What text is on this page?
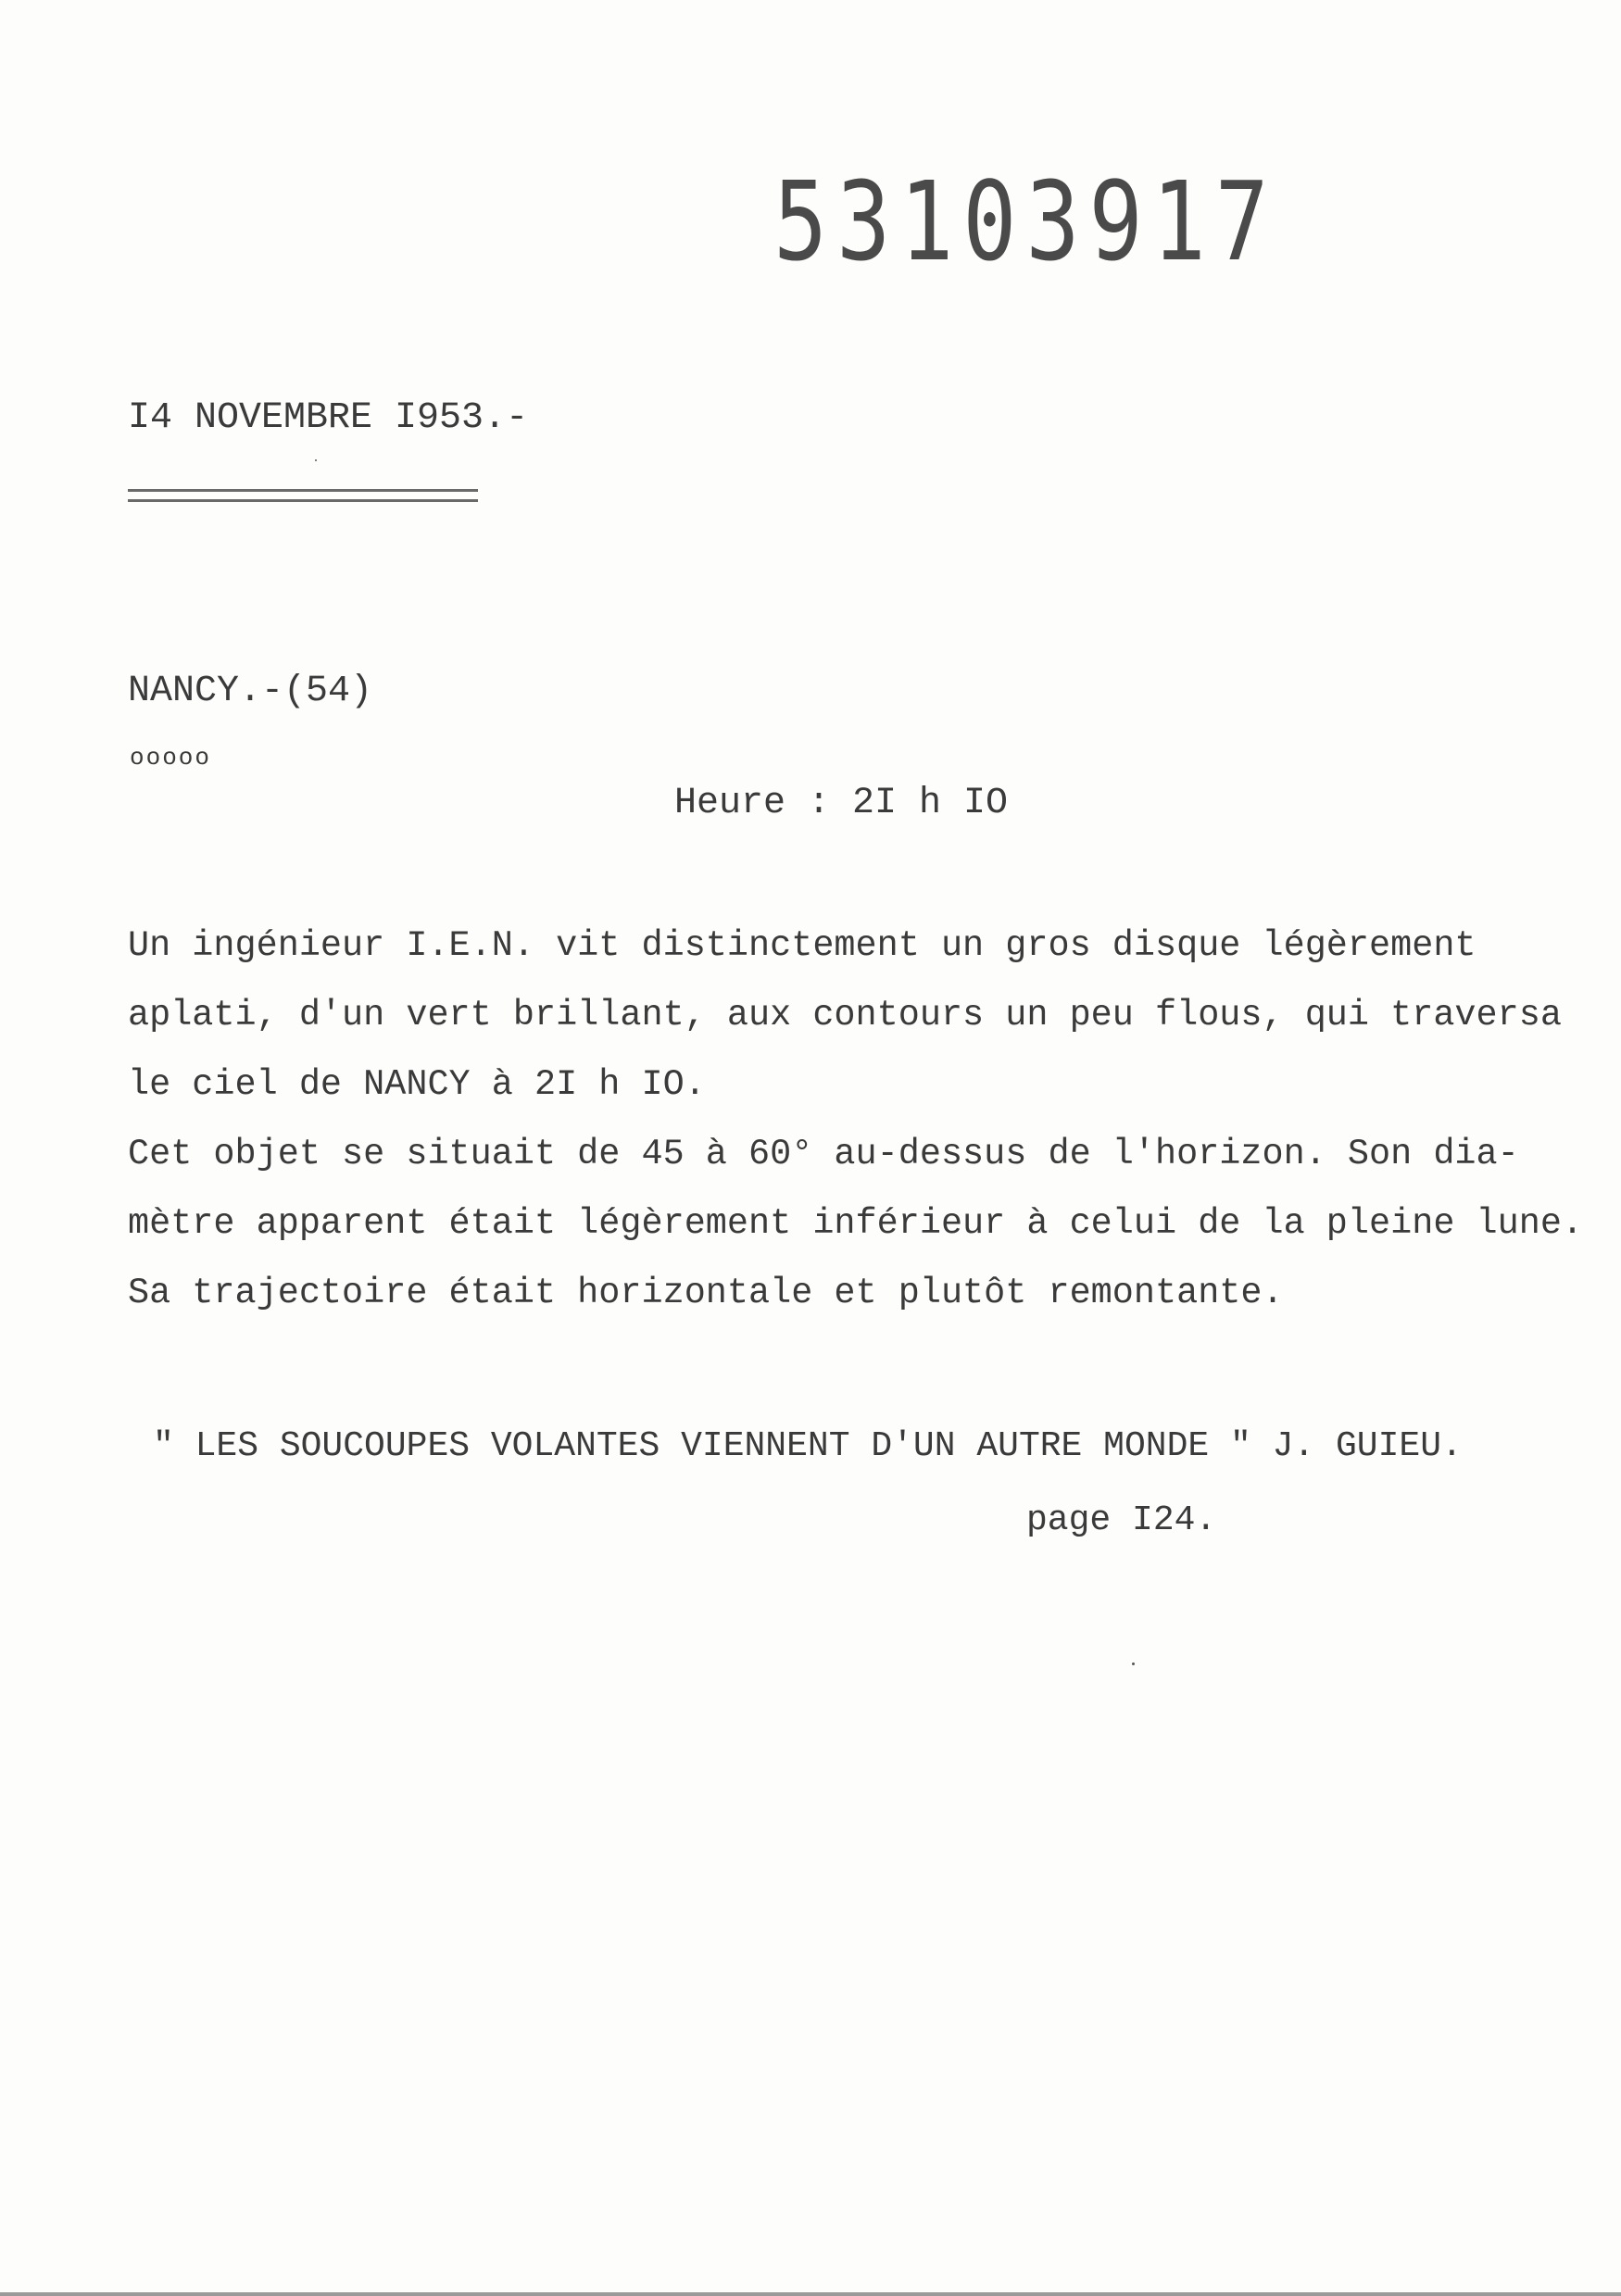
53103917
I4 NOVEMBRE I953.-
NANCY.-(54)
ooooo
Heure : 2I h IO
Un ingénieur I.E.N. vit distinctement un gros disque légèrement
aplati, d'un vert brillant, aux contours un peu flous, qui traversa
le ciel de NANCY à 2I h IO.
Cet objet se situait de 45 à 60° au-dessus de l'horizon. Son dia-
mètre apparent était légèrement inférieur à celui de la pleine lune.
Sa trajectoire était horizontale et plutôt remontante.
" LES SOUCOUPES VOLANTES VIENNENT D'UN AUTRE MONDE " J. GUIEU.
page I24.
